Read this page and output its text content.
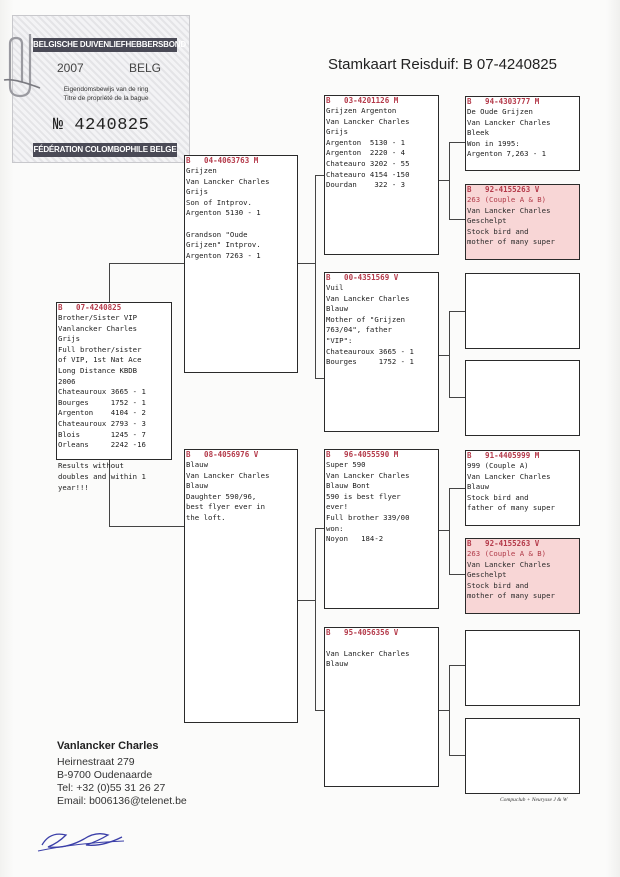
BELGISCHE DUIVENLIEFHEBBERSBOND
2007	BELG
Eigendomsbewijs van de ring
Titre de propriété de la bague
№ 4240825
FÉDÉRATION COLOMBOPHILE BELGE
Stamkaart Reisduif: B 07-4240825
B   07-4240825
Brother/Sister VIP
Vanlancker Charles
Grijs
Full brother/sister
of VIP, 1st Nat Ace
Long Distance KBDB
2006
Chateauroux 3665 - 1
Bourges     1752 - 1
Argenton    4104 - 2
Chateauroux 2793 - 3
Blois       1245 - 7
Orleans     2242 -16

Results without
doubles and within 1
year!!!
B   04-4063763 M
Grijzen
Van Lancker Charles
Grijs
Son of Intprov.
Argenton 5130 - 1

Grandson "Oude
Grijzen" Intprov.
Argenton 7263 - 1
B   08-4056976 V
Blauw
Van Lancker Charles
Blauw
Daughter 590/96,
best flyer ever in
the loft.
B   03-4201126 M
Grijzen Argenton
Van Lancker Charles
Grijs
Argenton  5130 - 1
Argenton  2220 - 4
Chateauro 3202 - 55
Chateauro 4154 -150
Dourdan    322 - 3
B   00-4351569 V
Vuil
Van Lancker Charles
Blauw
Mother of "Grijzen
763/04", father
"VIP":
Chateauroux 3665 - 1
Bourges     1752 - 1
B   96-4055590 M
Super 590
Van Lancker Charles
Blauw Bont
590 is best flyer
ever!
Full brother 339/00
won:
Noyon   184-2
B   95-4056356 V

Van Lancker Charles
Blauw
B   94-4303777 M
De Oude Grijzen
Van Lancker Charles
Bleek
Won in 1995:
Argenton 7,263 - 1
B   92-4155263 V
263 (Couple A & B)
Van Lancker Charles
Geschelpt
Stock bird and
mother of many super
B   91-4405999 M
999 (Couple A)
Van Lancker Charles
Blauw
Stock bird and
father of many super
B   92-4155263 V
263 (Couple A & B)
Van Lancker Charles
Geschelpt
Stock bird and
mother of many super
Vanlancker Charles
Heirnestraat 279
B-9700 Oudenaarde
Tel: +32 (0)55 31 26 27
Email: b006136@telenet.be	Compuclub + Neurysse J & W
